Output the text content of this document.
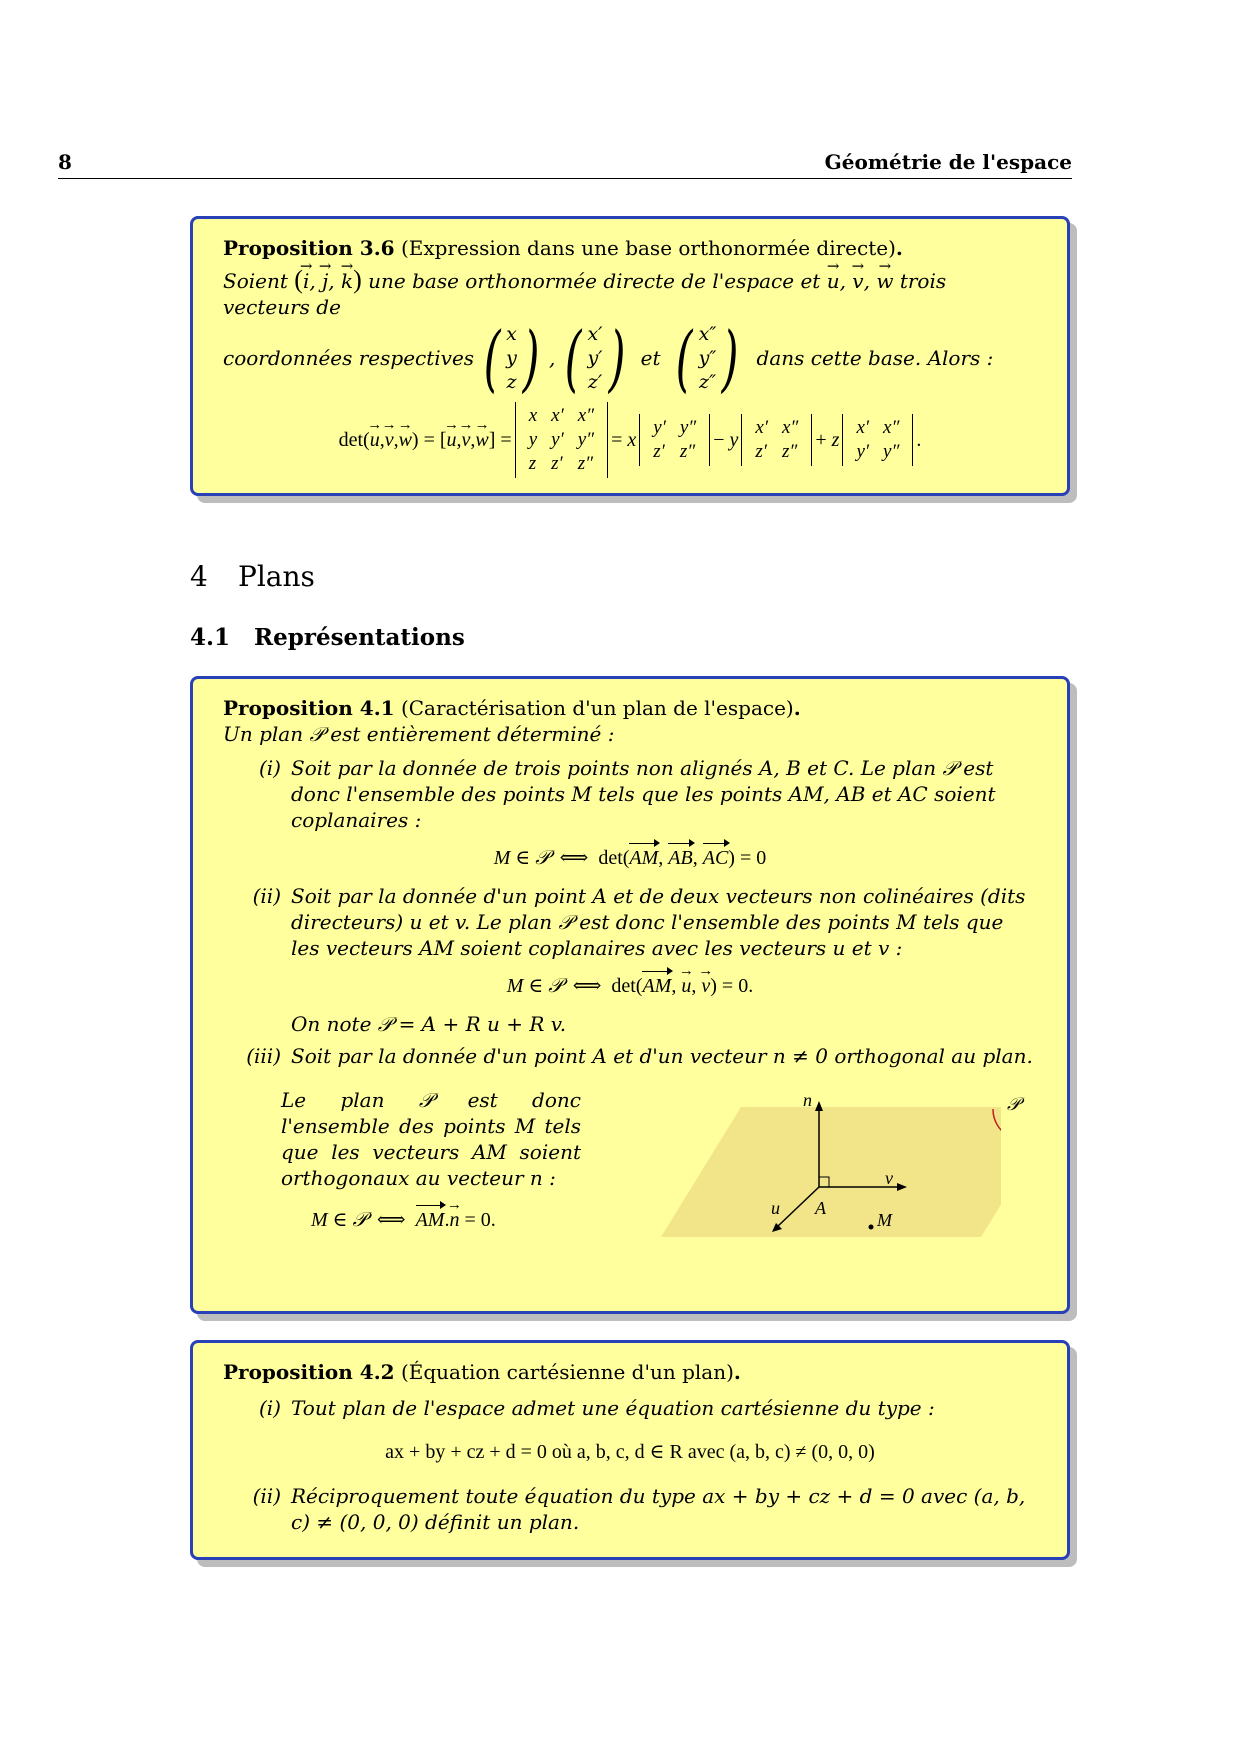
8	Géométrie de l'espace
Proposition 3.6 (Expression dans une base orthonormée directe).
Soient (→ i, → j, → k) une base orthonormée directe de l'espace et → u, → v, → w trois vecteurs de
coordonnées respectives ( x
y
z ) , ( x′
y′
z′ ) et ( x″
y″
z″ ) dans cette base. Alors :
det( → u , → v , → w ) = [ → u , → v , → w ] =
x	x′	x″
y	y′	y″
z	z′	z″
= x
y′	y″
z′	z″
− y
x′	x″
z′	z″
+ z
x′	x″
y′	y″
.
4 Plans
4.1 Représentations
Proposition 4.1 (Caractérisation d'un plan de l'espace).
Un plan 𝒫 est entièrement déterminé :
(i) Soit par la donnée de trois points non alignés A, B et C. Le plan 𝒫 est donc l'ensemble des points M tels que les points AM, AB et AC soient coplanaires :
M ∈ 𝒫  ⟺  det(AM, AB, AC) = 0
(ii) Soit par la donnée d'un point A et de deux vecteurs non colinéaires (dits directeurs) u et v. Le plan 𝒫 est donc l'ensemble des points M tels que les vecteurs AM soient coplanaires avec les vecteurs u et v :
M ∈ 𝒫  ⟺  det(AM, → u, → v) = 0.
On note 𝒫 = A + R u + R v.
(iii) Soit par la donnée d'un point A et d'un vecteur n ≠ 0 orthogonal au plan.
Le plan 𝒫 est donc l'ensemble des points M tels que les vecteurs AM soient orthogonaux au vecteur n :
M ∈ 𝒫  ⟺  AM.→ n = 0.
n
v
u A
M
𝒫
Proposition 4.2 (Équation cartésienne d'un plan).
(i) Tout plan de l'espace admet une équation cartésienne du type :
ax + by + cz + d = 0 où a, b, c, d ∈ R avec (a, b, c) ≠ (0, 0, 0)
(ii) Réciproquement toute équation du type ax + by + cz + d = 0 avec (a, b, c) ≠ (0, 0, 0) définit un plan.
